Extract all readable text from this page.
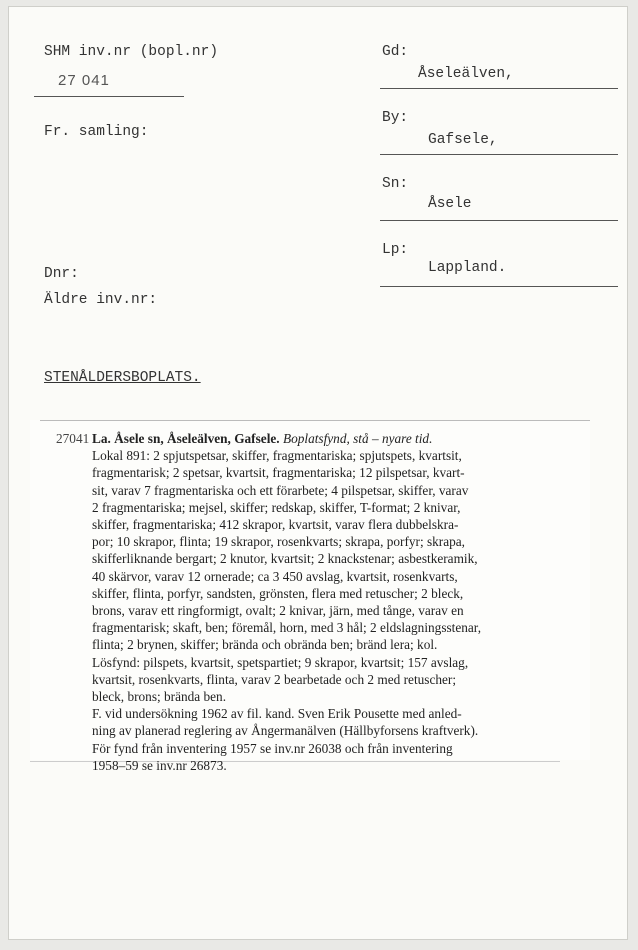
SHM inv.nr (bopl.nr)
27 041
Fr. samling:
Dnr:
Äldre inv.nr:
STENÅLDERSBOPLATS.
Gd:
Åseleälven,
By:
Gafsele,
Sn:
Åsele
Lp:
Lappland.
27041 La. Åsele sn, Åseleälven, Gafsele. Boplatsfynd, stå – nyare tid.
Lokal 891: 2 spjutspetsar, skiffer, fragmentariska; spjutspets, kvartsit,
fragmentarisk; 2 spetsar, kvartsit, fragmentariska; 12 pilspetsar, kvart-
sit, varav 7 fragmentariska och ett förarbete; 4 pilspetsar, skiffer, varav
2 fragmentariska; mejsel, skiffer; redskap, skiffer, T-format; 2 knivar,
skiffer, fragmentariska; 412 skrapor, kvartsit, varav flera dubbelskra-
por; 10 skrapor, flinta; 19 skrapor, rosenkvarts; skrapa, porfyr; skrapa,
skifferliknande bergart; 2 knutor, kvartsit; 2 knackstenar; asbestkeramik,
40 skärvor, varav 12 ornerade; ca 3 450 avslag, kvartsit, rosenkvarts,
skiffer, flinta, porfyr, sandsten, grönsten, flera med retuscher; 2 bleck,
brons, varav ett ringformigt, ovalt; 2 knivar, järn, med tånge, varav en
fragmentarisk; skaft, ben; föremål, horn, med 3 hål; 2 eldslagningsstenar,
flinta; 2 brynen, skiffer; brända och obrända ben; bränd lera; kol.
Lösfynd: pilspets, kvartsit, spetspartiet; 9 skrapor, kvartsit; 157 avslag,
kvartsit, rosenkvarts, flinta, varav 2 bearbetade och 2 med retuscher;
bleck, brons; brända ben.
F. vid undersökning 1962 av fil. kand. Sven Erik Pousette med anled-
ning av planerad reglering av Ångermanälven (Hällbyforsens kraftverk).
För fynd från inventering 1957 se inv.nr 26038 och från inventering
1958–59 se inv.nr 26873.
